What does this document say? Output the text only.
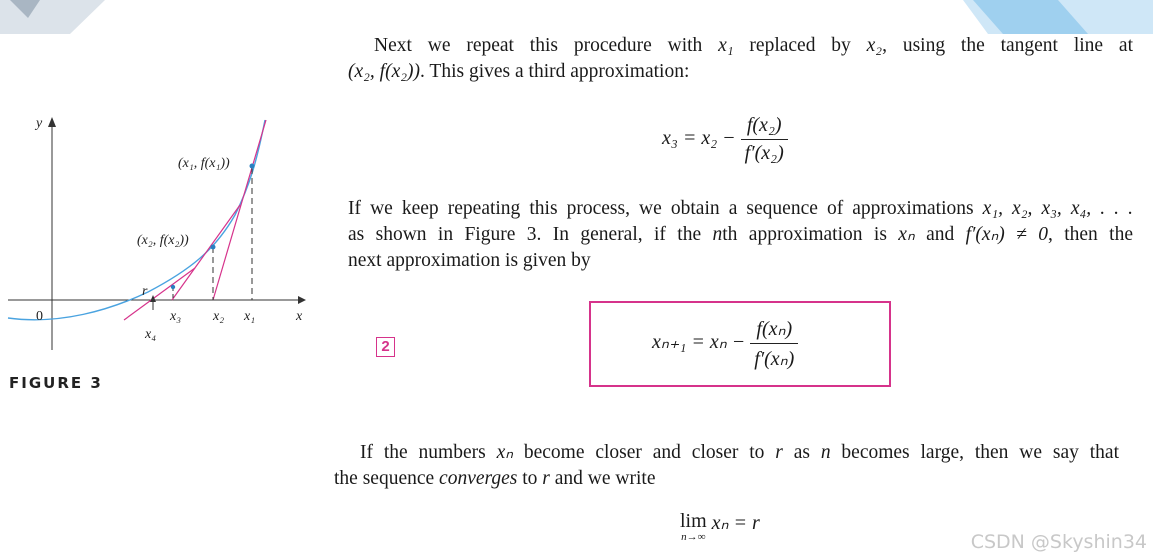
y
x
r
(x₁, f(x₁))
(x₂, f(x₂))
x₁
x₂
x₃
x₄
0
FIGURE 3
Next we repeat this procedure with x₁ replaced by x₂, using the tangent line at
(x₂, f(x₂)). This gives a third approximation:
$x_3 = x_2 - \frac{\text{f(x₂)}}{\text{f′(x₂)}}$
If we keep repeating this process, we obtain a sequence of approximations x₁, x₂, x₃, x₄, . . .
as shown in Figure 3. In general, if the nth approximation is xₙ and f′(xₙ) ≠ 0, then the
next approximation is given by
2	$x_{n+1} = x_n - \frac{\text{f(xₙ)}}{\text{f′(xₙ)}}$
If the numbers xₙ become closer and closer to r as n becomes large, then we say that
the sequence converges to r and we write
lim
n→∞
xₙ = r
CSDN @Skyshin34
